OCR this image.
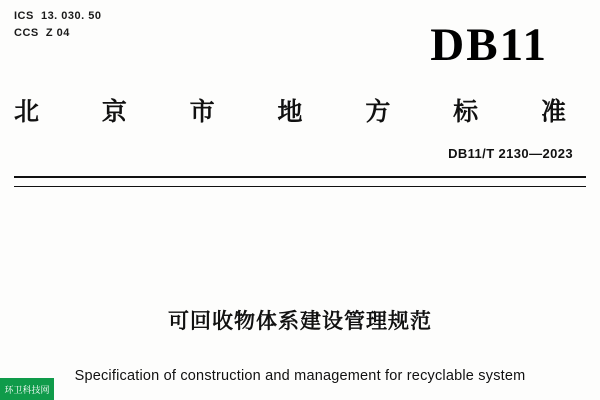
ICS  13. 030. 50
CCS  Z 04	DB11
北	京	市	地	方	标	准
DB11/T 2130—2023
可回收物体系建设管理规范
Specification of construction and management for recyclable system
环卫科技网
